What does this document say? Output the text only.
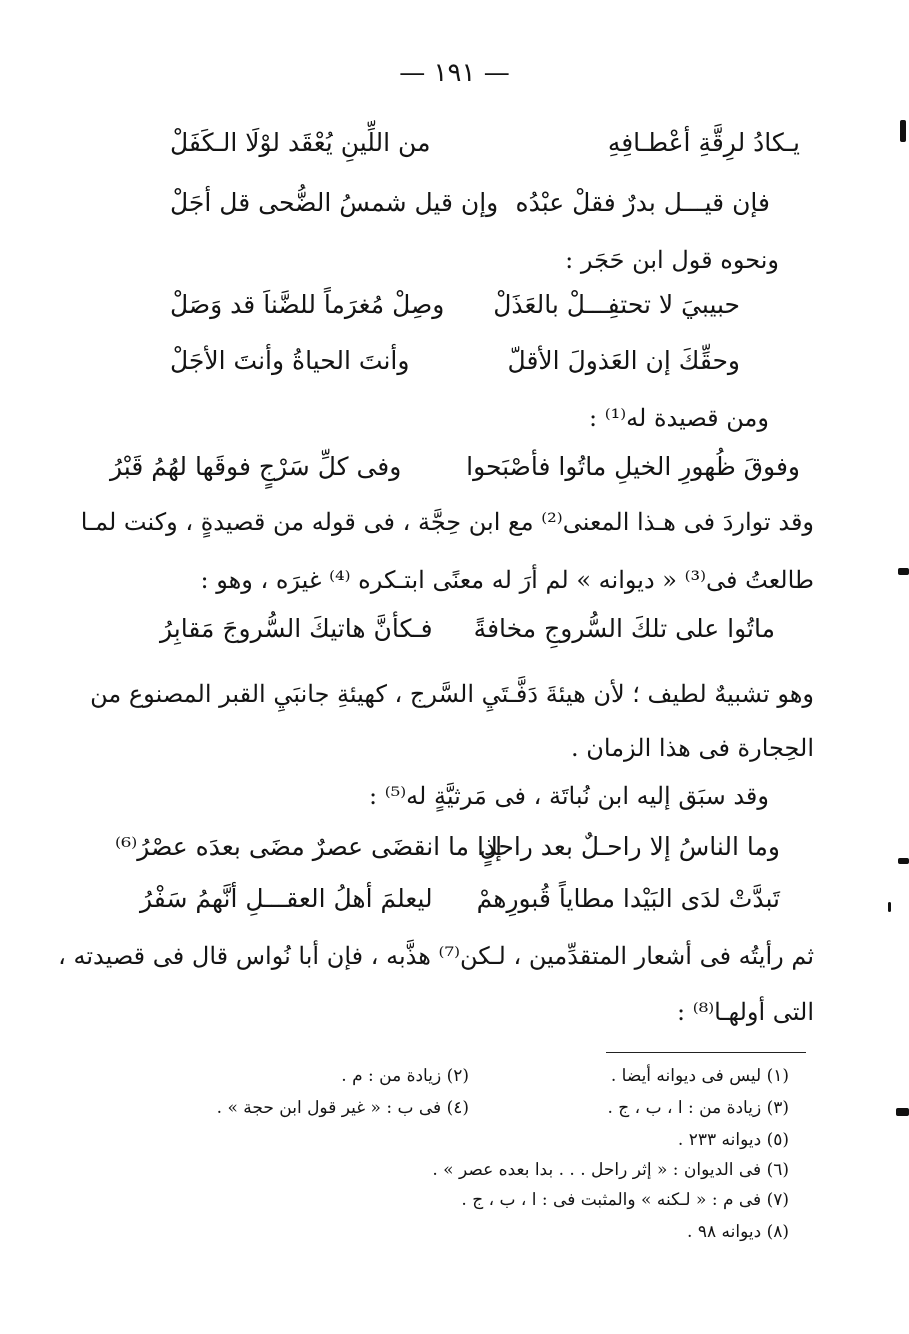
— ١٩١ —
يـكادُ لرِقَّةِ أعْطـافِهِ
من اللِّينِ يُعْقَد لوْلَا الـكَفَلْ
فإن قيـــل بدرٌ فقلْ عبْدُه
وإن قيل شمسُ الضُّحى قل أجَلْ
ونحوه قول ابن حَجَر :
حبيبيَ لا تحتفِـــلْ بالعَذَلْ
وصِلْ مُغرَماً للضَّناَ قد وَصَلْ
وحقِّكَ إن العَذولَ الأقلّ
وأنتَ الحياةُ وأنتَ الأجَلْ
ومن قصيدة له⁽¹⁾ :
وفوقَ ظُهورِ الخيلِ ماتُوا فأصْبَحوا
وفى كلِّ سَرْجٍ فوقَها لهُمُ قَبْرُ
وقد تواردَ فى هـذا المعنى⁽²⁾ مع ابن حِجَّة ، فى قوله من قصيدةٍ ، وكنت لمـا
طالعتُ فى⁽³⁾ « ديوانه » لم أرَ له معنًى ابتـكره ⁽⁴⁾ غيرَه ، وهو :
ماتُوا على تلكَ السُّروجِ مخافةً
فـكأنَّ هاتيكَ السُّروجَ مَقابِرُ
وهو تشبيهٌ لطيف ؛ لأن هيئةَ دَفَّـتَيِ السَّرج ، كهيئةِ جانبَيِ القبر المصنوع من
الحِجارة فى هذا الزمان .
وقد سبَق إليه ابن نُباتَة ، فى مَرثيَّةٍ له⁽⁵⁾ :
وما الناسُ إلا راحـلٌ بعد راحلٍ
إذا ما انقضَى عصرٌ مضَى بعدَه عصْرُ⁽⁶⁾
تَبدَّتْ لدَى البَيْدا مطاياً قُبورِهمْ
ليعلمَ أهلُ العقـــلِ أنَّهمُ سَفْرُ
ثم رأيتُه فى أشعار المتقدِّمين ، لـكن⁽⁷⁾ هذَّبه ، فإن أبا نُواس قال فى قصيدته ،
التى أولهـا⁽⁸⁾ :
(١) ليس فى ديوانه أيضا .
(٢) زيادة من : م .
(٣) زيادة من : ا ، ب ، ج .
(٤) فى ب : « غير قول ابن حجة » .
(٥) ديوانه ٢٣٣ .
(٦) فى الديوان : « إثر راحل . . . بدا بعده عصر » .
(٧) فى م : « لـكنه » والمثبت فى : ا ، ب ، ج .
(٨) ديوانه ٩٨ .
